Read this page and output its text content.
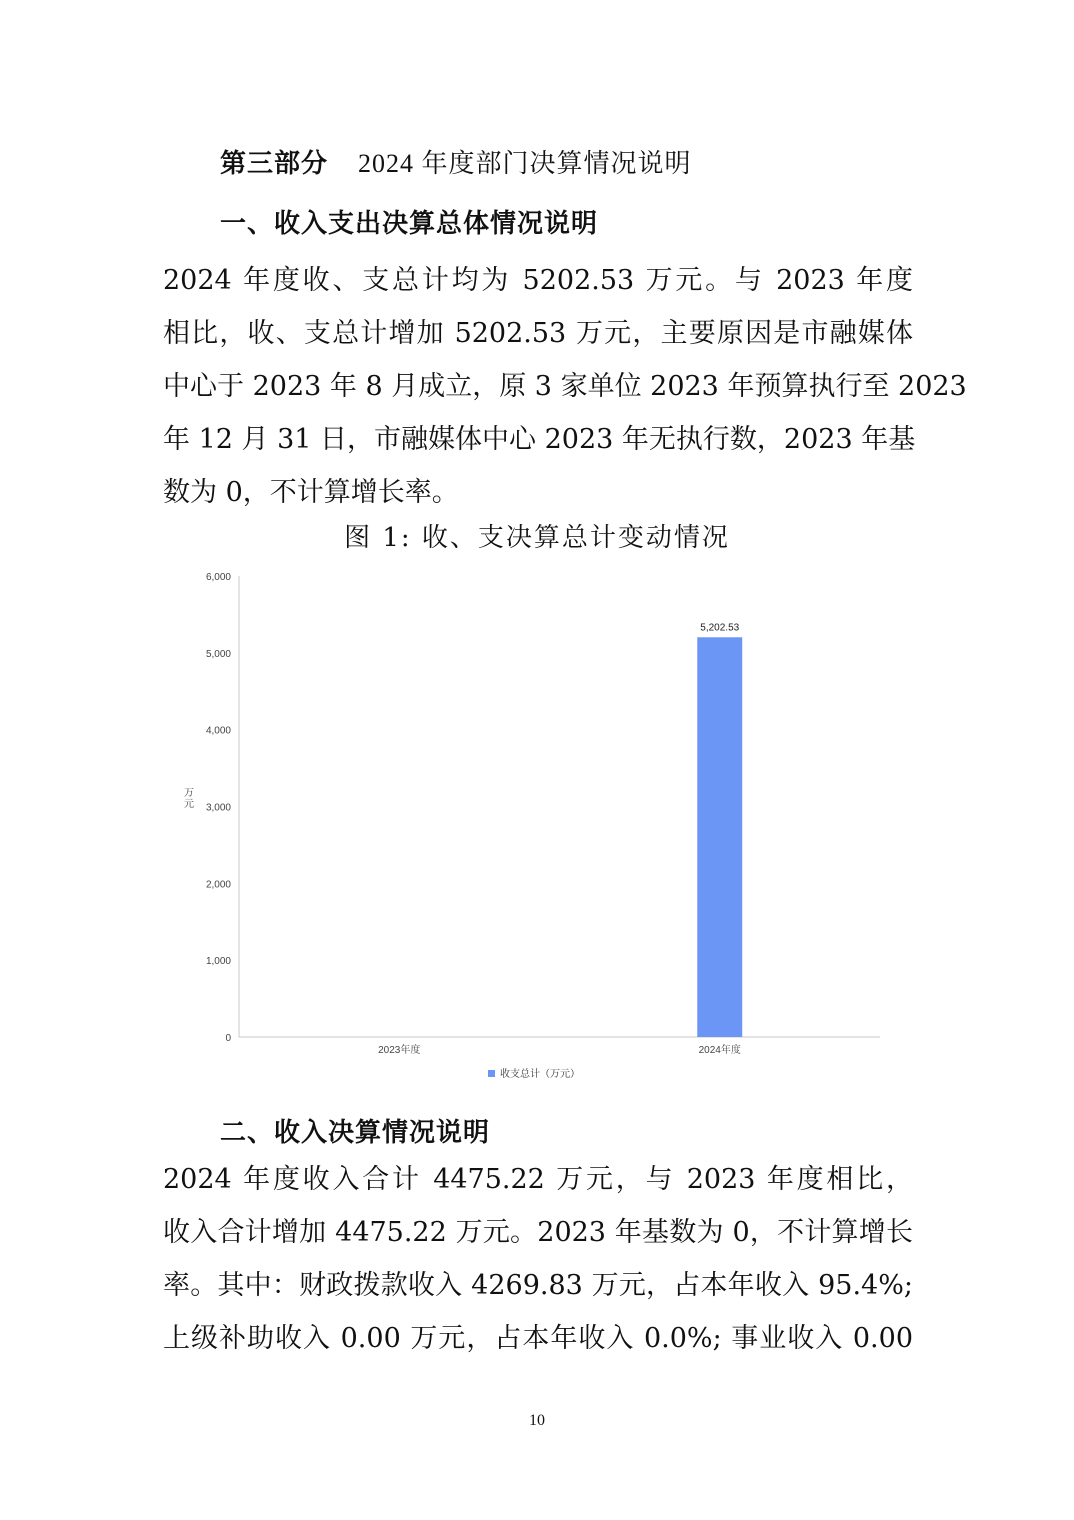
第三部分 2024 年度部门决算情况说明
一、收入支出决算总体情况说明
2024 年度收、支总计均为 5202.53 万元。与 2023 年度
相比，收、支总计增加 5202.53 万元，主要原因是市融媒体
中心于 2023 年 8 月成立，原 3 家单位 2023 年预算执行至 2023
年 12 月 31 日，市融媒体中心 2023 年无执行数，2023 年基
数为 0，不计算增长率。
图 1: 收、支决算总计变动情况
0
1,000
2,000
3,000
4,000
5,000
6,000
万
元
2023年度
5,202.53
2024年度
收支总计（万元）
二、收入决算情况说明
2024 年度收入合计 4475.22 万元，与 2023 年度相比，
收入合计增加 4475.22 万元。2023 年基数为 0，不计算增长
率。其中：财政拨款收入 4269.83 万元，占本年收入 95.4%;
上级补助收入 0.00 万元，占本年收入 0.0%; 事业收入 0.00
10
